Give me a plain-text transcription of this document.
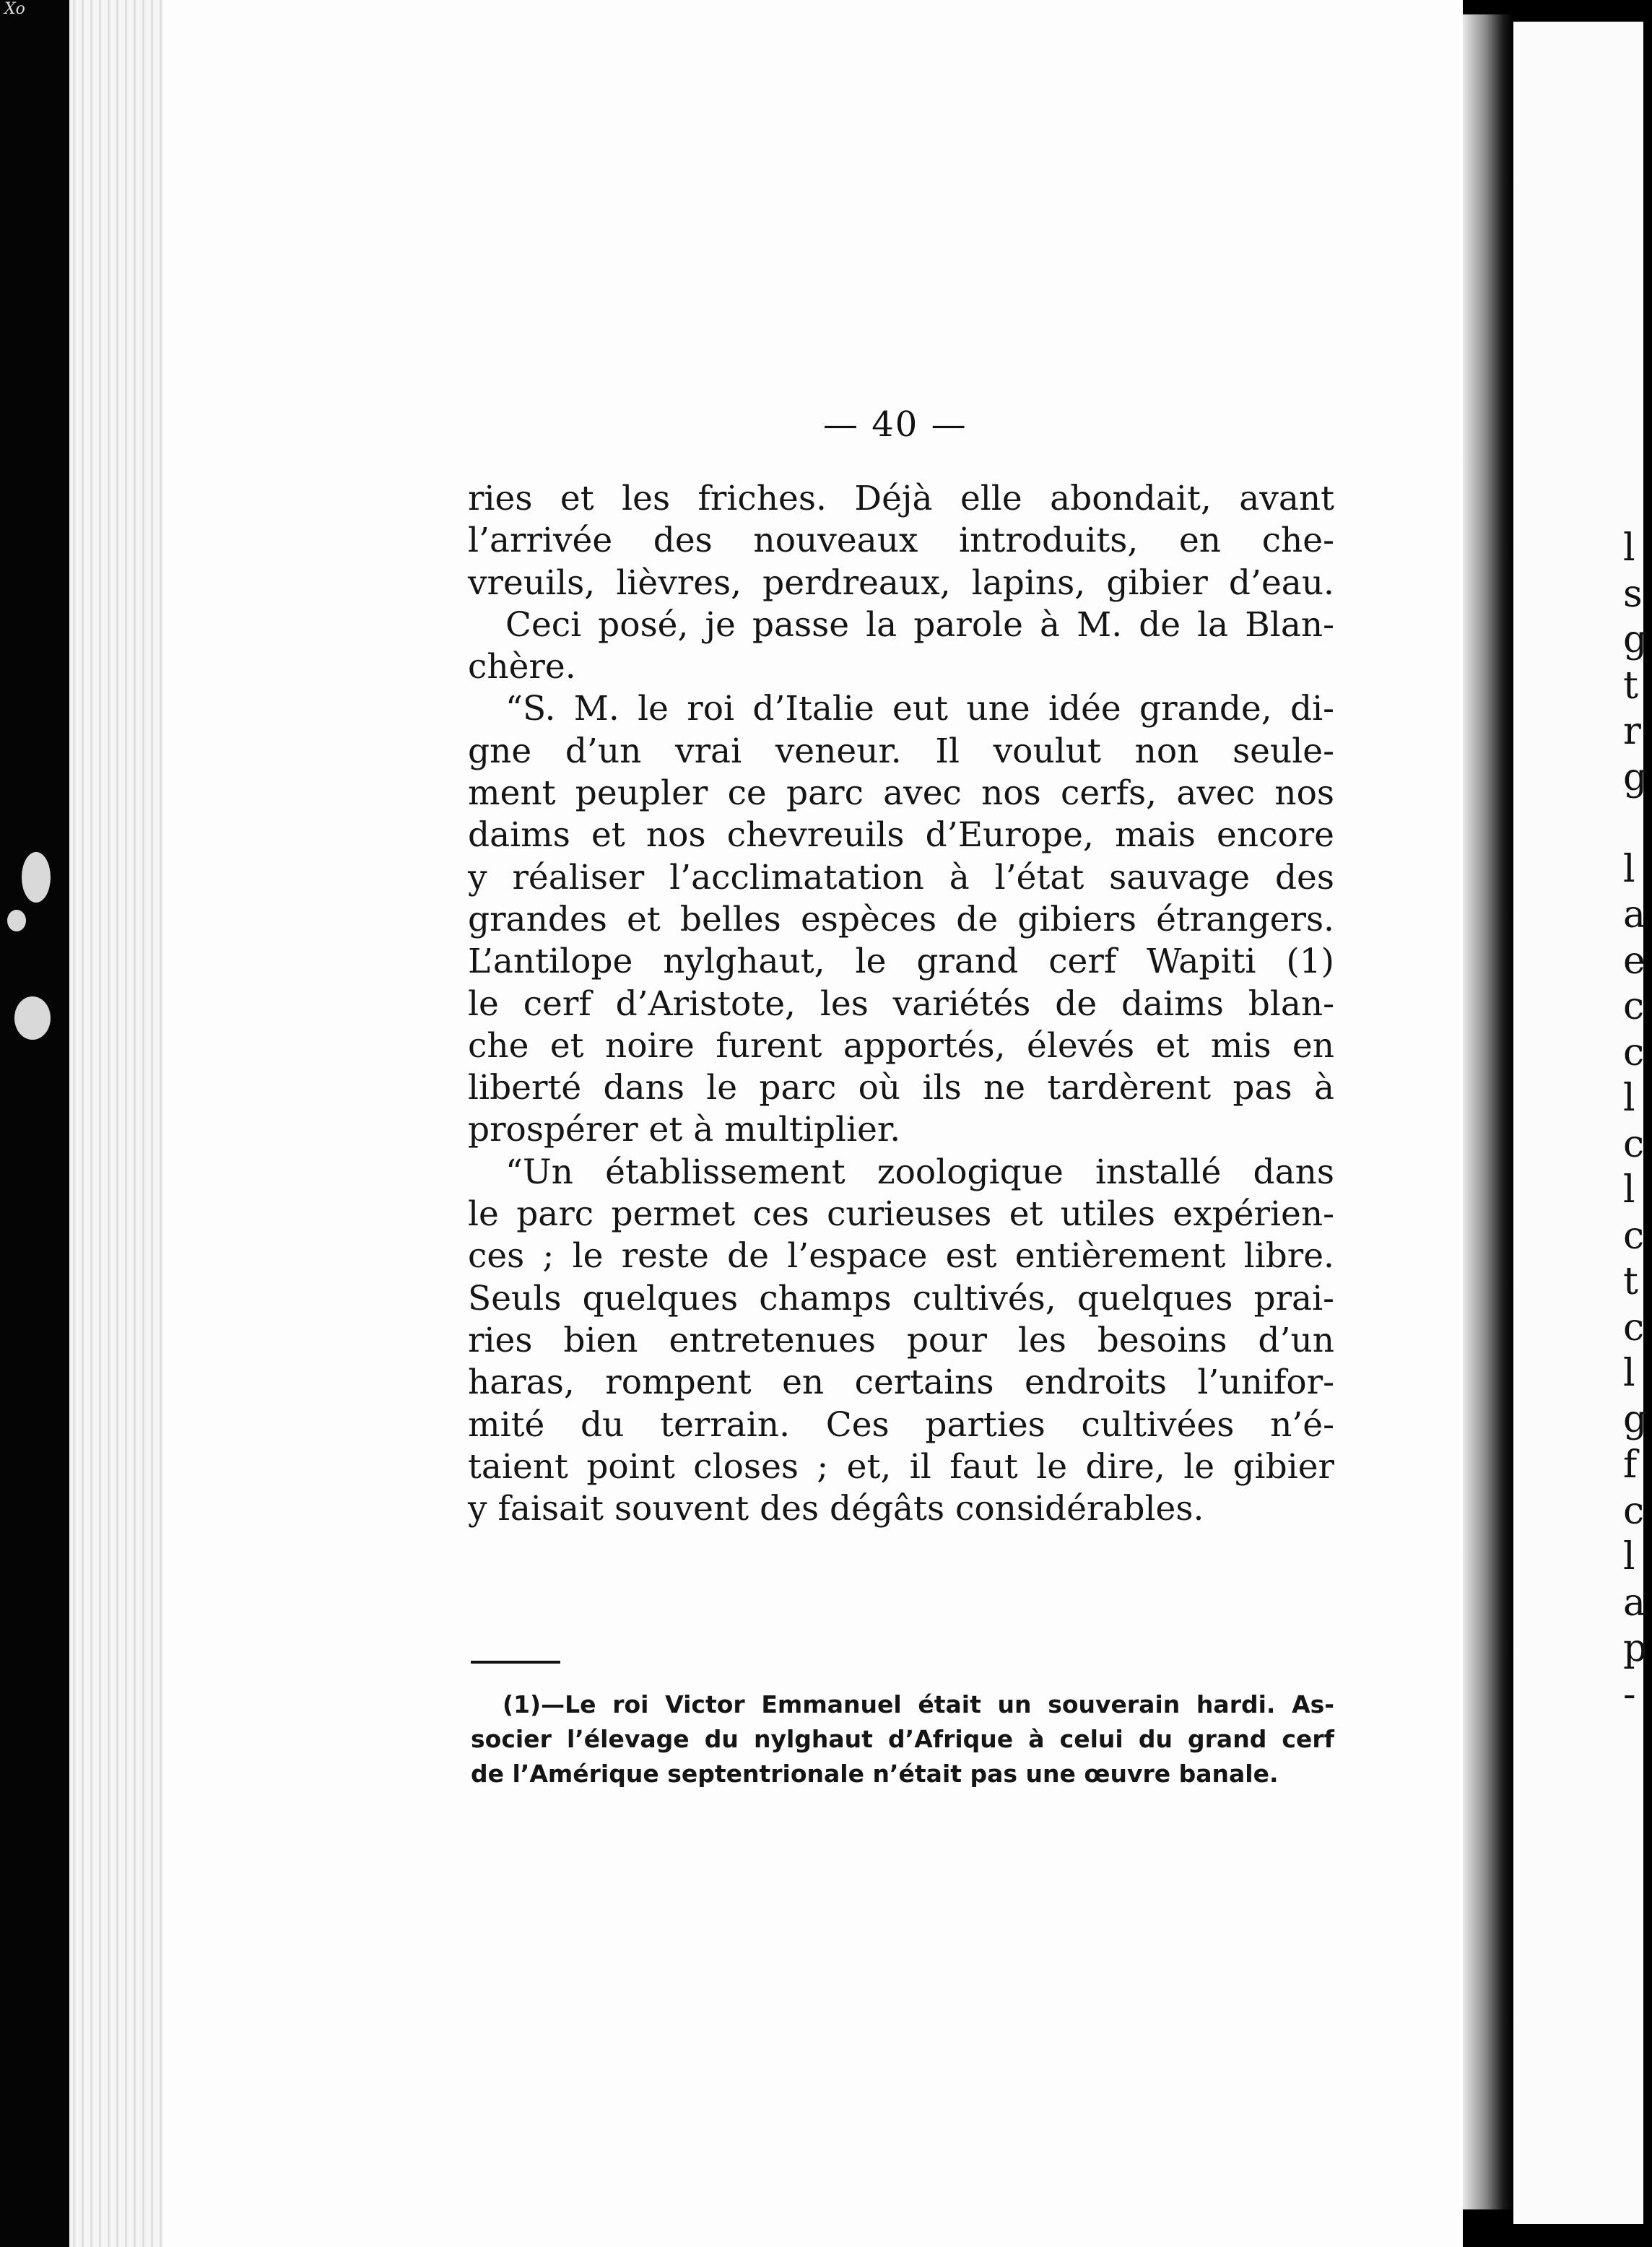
Xo
— 40 —
ries et les friches. Déjà elle abondait, avant
l’arrivée des nouveaux introduits, en che-
vreuils, lièvres, perdreaux, lapins, gibier d’eau.
Ceci posé, je passe la parole à M. de la Blan-
chère.
“S. M. le roi d’Italie eut une idée grande, di-
gne d’un vrai veneur. Il voulut non seule-
ment peupler ce parc avec nos cerfs, avec nos
daims et nos chevreuils d’Europe, mais encore
y réaliser l’acclimatation à l’état sauvage des
grandes et belles espèces de gibiers étrangers.
L’antilope nylghaut, le grand cerf Wapiti (1)
le cerf d’Aristote, les variétés de daims blan-
che et noire furent apportés, élevés et mis en
liberté dans le parc où ils ne tardèrent pas à
prospérer et à multiplier.
“Un établissement zoologique installé dans
le parc permet ces curieuses et utiles expérien-
ces ; le reste de l’espace est entièrement libre.
Seuls quelques champs cultivés, quelques prai-
ries bien entretenues pour les besoins d’un
haras, rompent en certains endroits l’unifor-
mité du terrain. Ces parties cultivées n’é-
taient point closes ; et, il faut le dire, le gibier
y faisait souvent des dégâts considérables.
(1)—Le roi Victor Emmanuel était un souverain hardi. As-
socier l’élevage du nylghaut d’Afrique à celui du grand cerf
de l’Amérique septentrionale n’était pas une œuvre banale.
l
s
g
t
r
g
l
a
e
c
c
l
c
l
c
t
c
l
g
f
c
l
a
p
-
